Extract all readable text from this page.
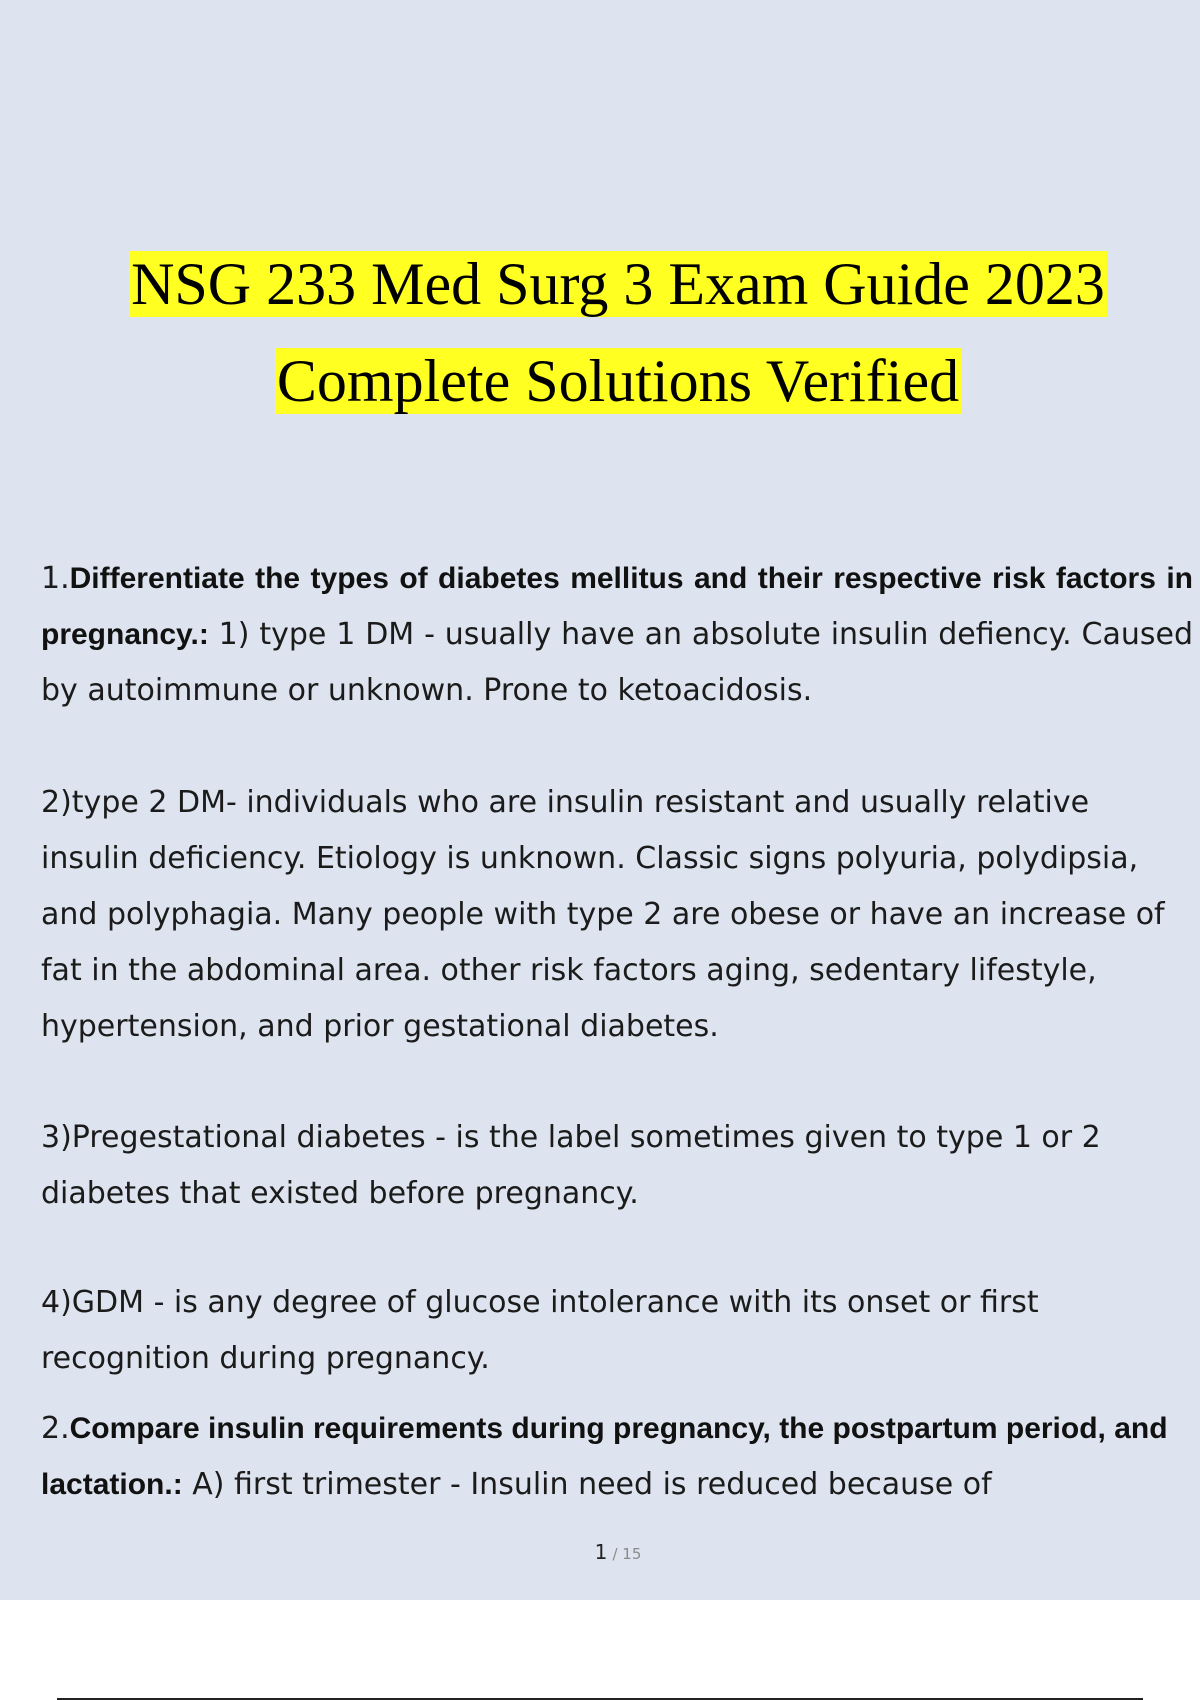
NSG 233 Med Surg 3 Exam Guide 2023
Complete Solutions Verified

1.Differentiate the types of diabetes mellitus and their respective risk factors in pregnancy.: 1) type 1 DM - usually have an absolute insulin defiency. Caused by autoimmune or unknown. Prone to ketoacidosis.

2)type 2 DM- individuals who are insulin resistant and usually relative insulin deficiency. Etiology is unknown. Classic signs polyuria, polydipsia, and polyphagia. Many people with type 2 are obese or have an increase of fat in the abdominal area. other risk factors aging, sedentary lifestyle, hypertension, and prior gestational diabetes.

3)Pregestational diabetes - is the label sometimes given to type 1 or 2 diabetes that existed before pregnancy.

4)GDM - is any degree of glucose intolerance with its onset or first recognition during pregnancy.

2.Compare insulin requirements during pregnancy, the postpartum period, and lactation.: A) first trimester - Insulin need is reduced because of

1 / 15
